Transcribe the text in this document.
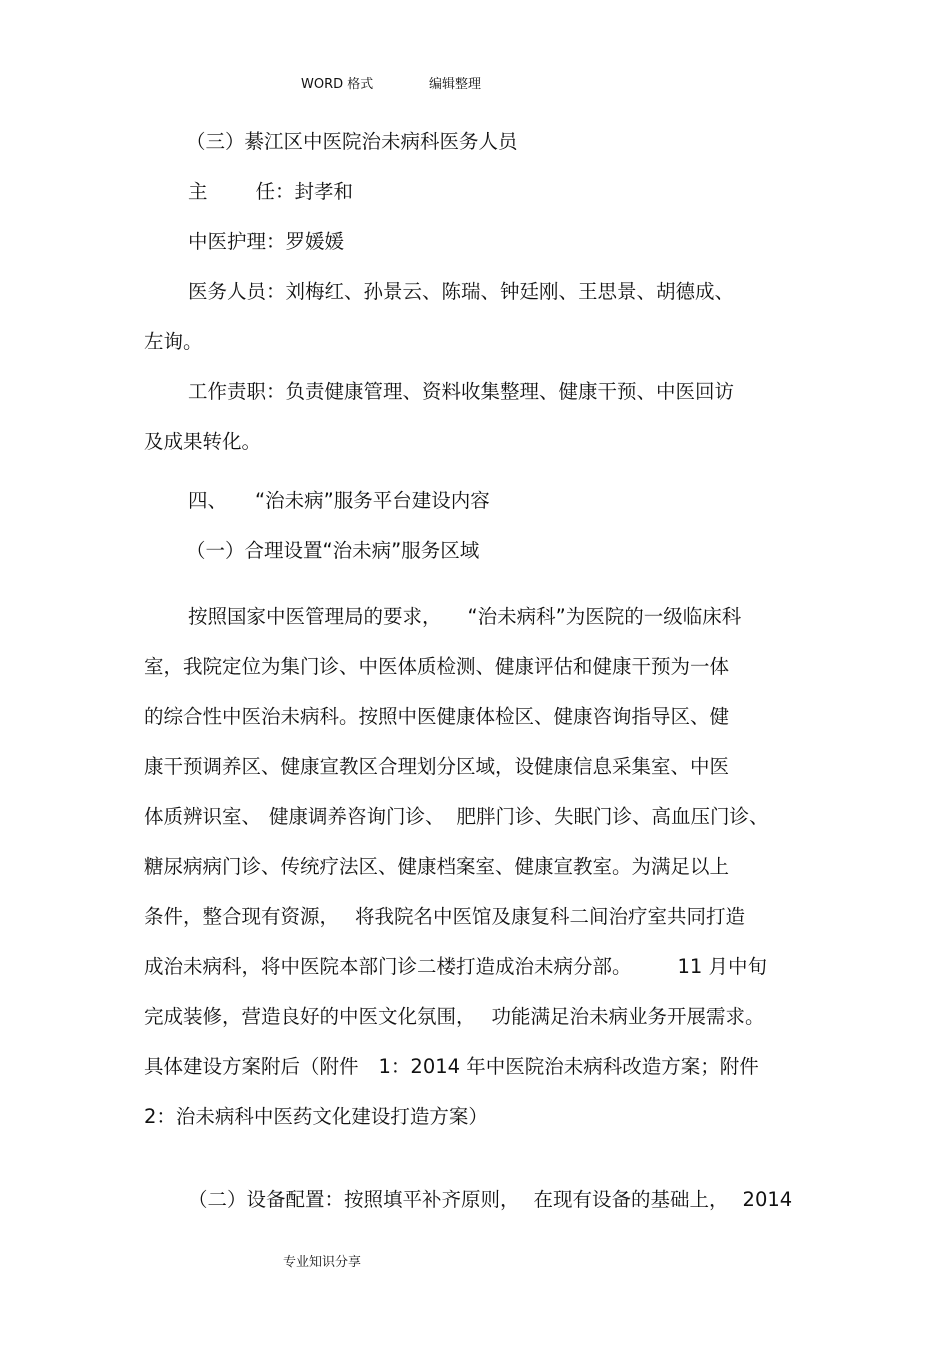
WORD 格式	编辑整理
（三）綦江区中医院治未病科医务人员
主 任：封孝和
中医护理：罗媛媛
医务人员：刘梅红、孙景云、陈瑞、钟廷刚、王思景、胡德成、
左询。
工作责职：负责健康管理、资料收集整理、健康干预、中医回访
及成果转化。
四、 “治未病”服务平台建设内容
（一）合理设置“治未病”服务区域
按照国家中医管理局的要求， “治未病科”为医院的一级临床科
室，我院定位为集门诊、中医体质检测、健康评估和健康干预为一体
的综合性中医治未病科。按照中医健康体检区、健康咨询指导区、健
康干预调养区、健康宣教区合理划分区域，设健康信息采集室、中医
体质辨识室、 健康调养咨询门诊、 肥胖门诊、失眠门诊、高血压门诊、
糖尿病病门诊、传统疗法区、健康档案室、健康宣教室。为满足以上
条件，整合现有资源， 将我院名中医馆及康复科二间治疗室共同打造
成治未病科，将中医院本部门诊二楼打造成治未病分部。 11 月中旬
完成装修，营造良好的中医文化氛围， 功能满足治未病业务开展需求。
具体建设方案附后（附件 1：2014 年中医院治未病科改造方案；附件
2：治未病科中医药文化建设打造方案）
（二）设备配置：按照填平补齐原则， 在现有设备的基础上， 2014
专业知识分享
